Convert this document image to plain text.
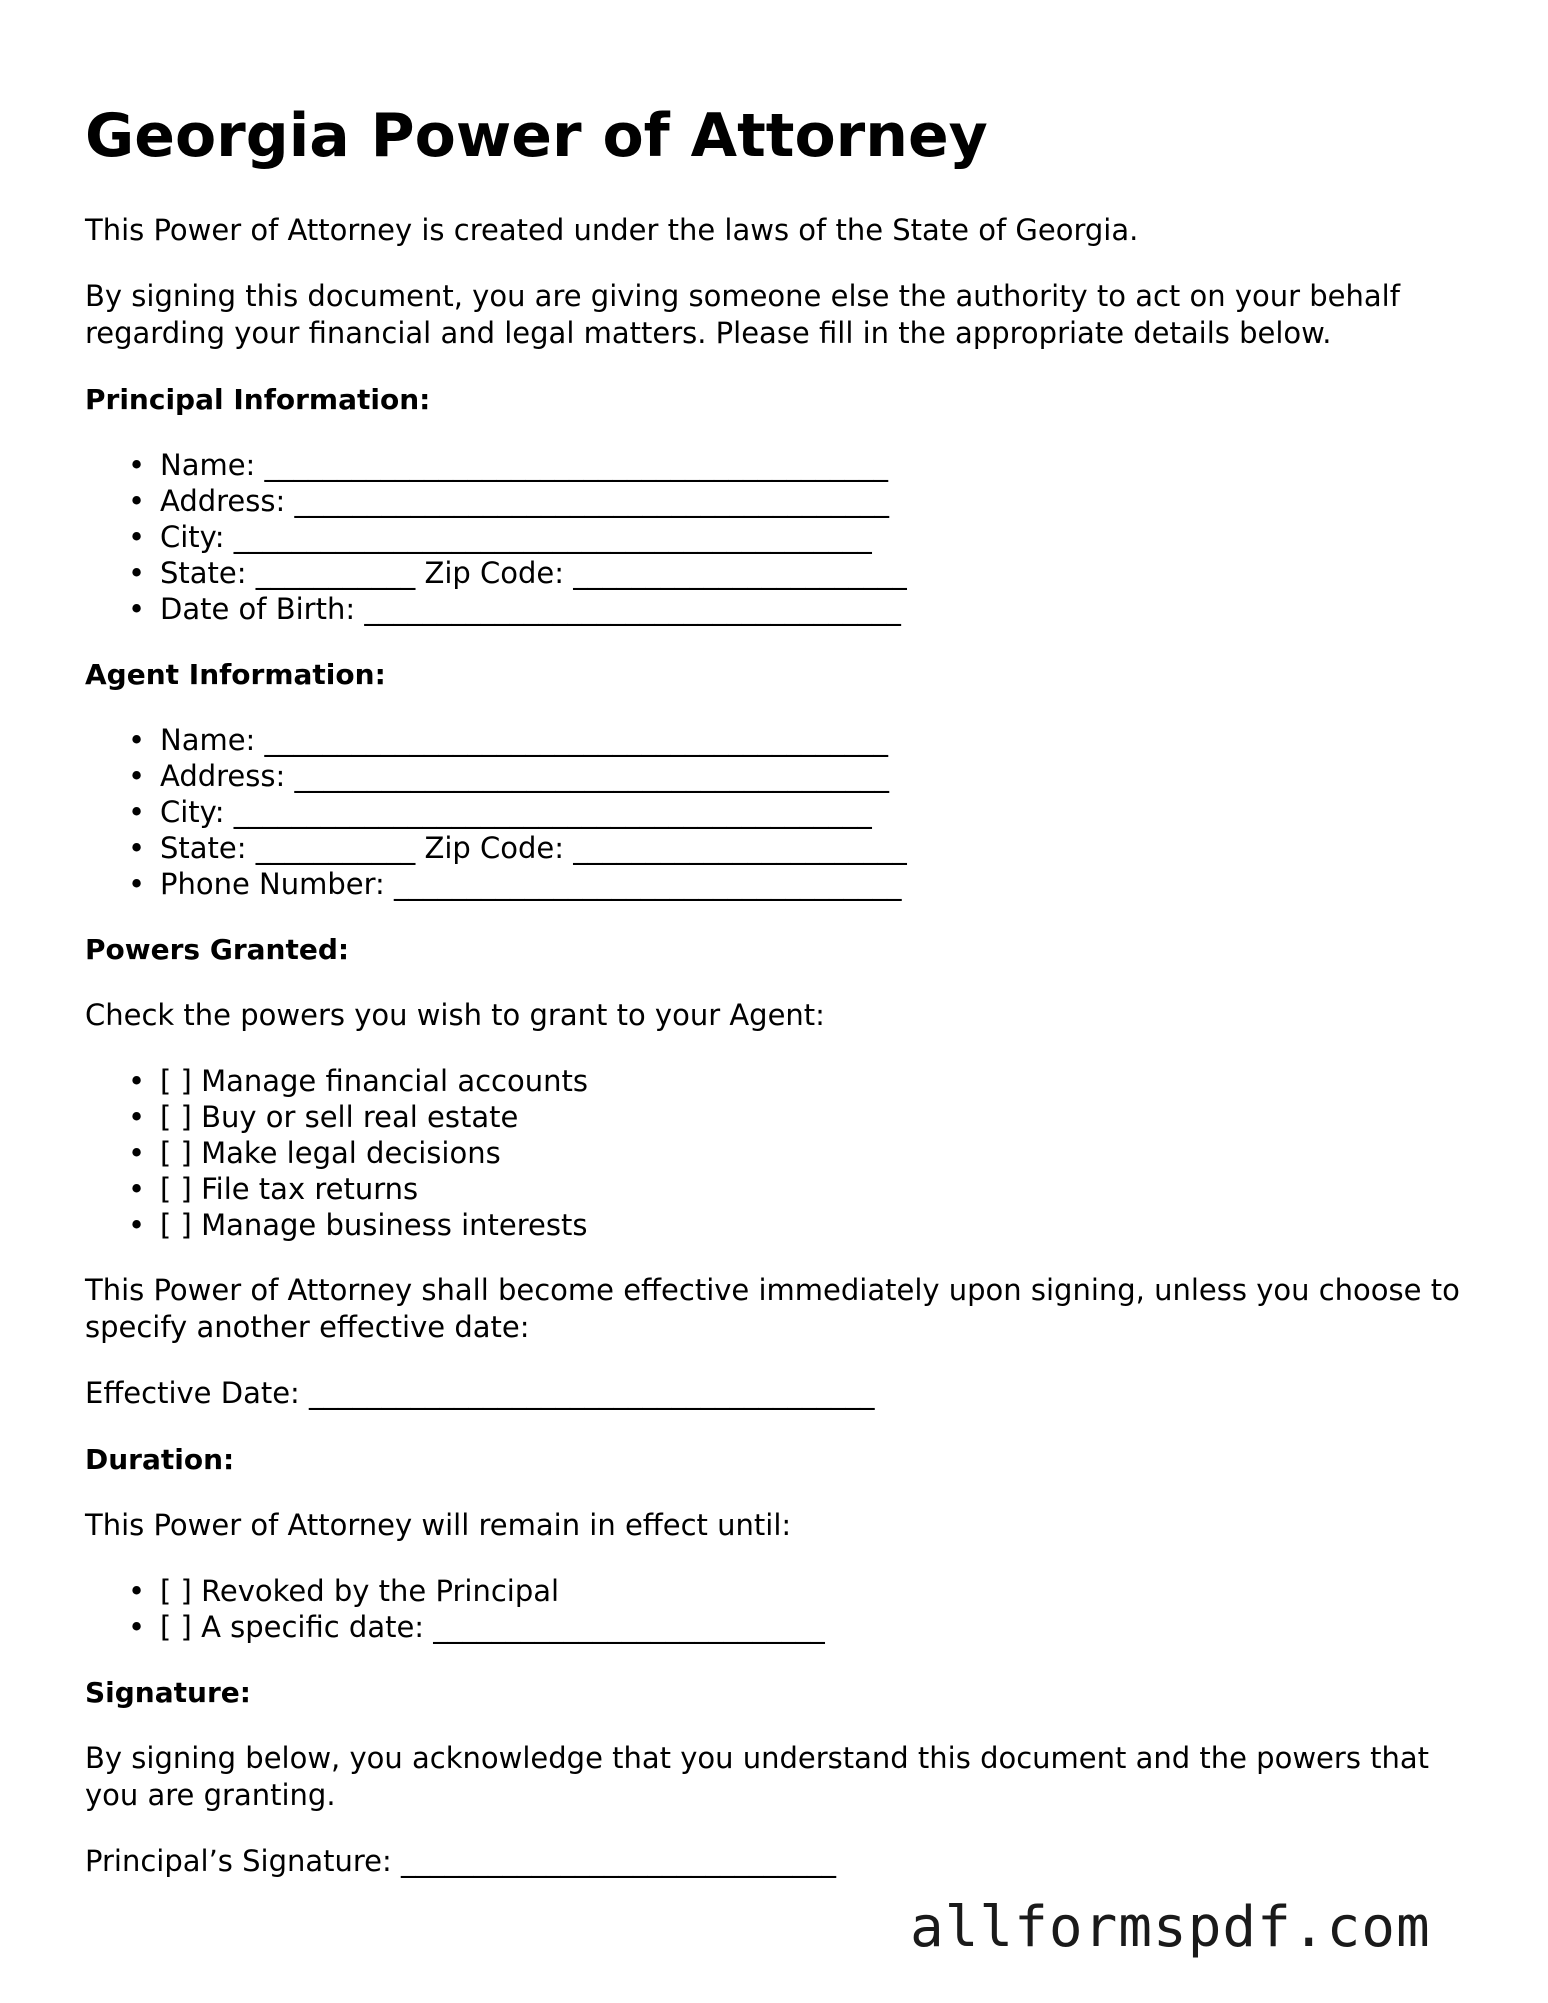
Georgia Power of Attorney

This Power of Attorney is created under the laws of the State of Georgia.

By signing this document, you are giving someone else the authority to act on your behalf regarding your financial and legal matters. Please fill in the appropriate details below.

Principal Information:
• Name: ___________________________________________
• Address: _________________________________________
• City: ____________________________________________
• State: ___________ Zip Code: _______________________
• Date of Birth: _____________________________________
Agent Information:
• Name: ___________________________________________
• Address: _________________________________________
• City: ____________________________________________
• State: ___________ Zip Code: _______________________
• Phone Number: ___________________________________
Powers Granted:

Check the powers you wish to grant to your Agent:

• [ ] Manage financial accounts
• [ ] Buy or sell real estate
• [ ] Make legal decisions
• [ ] File tax returns
• [ ] Manage business interests

This Power of Attorney shall become effective immediately upon signing, unless you choose to specify another effective date:

Effective Date: _______________________________________

Duration:

This Power of Attorney will remain in effect until:

• [ ] Revoked by the Principal
• [ ] A specific date: ___________________________
Signature:

By signing below, you acknowledge that you understand this document and the powers that you are granting.

Principal’s Signature: ______________________________

allformspdf.com
